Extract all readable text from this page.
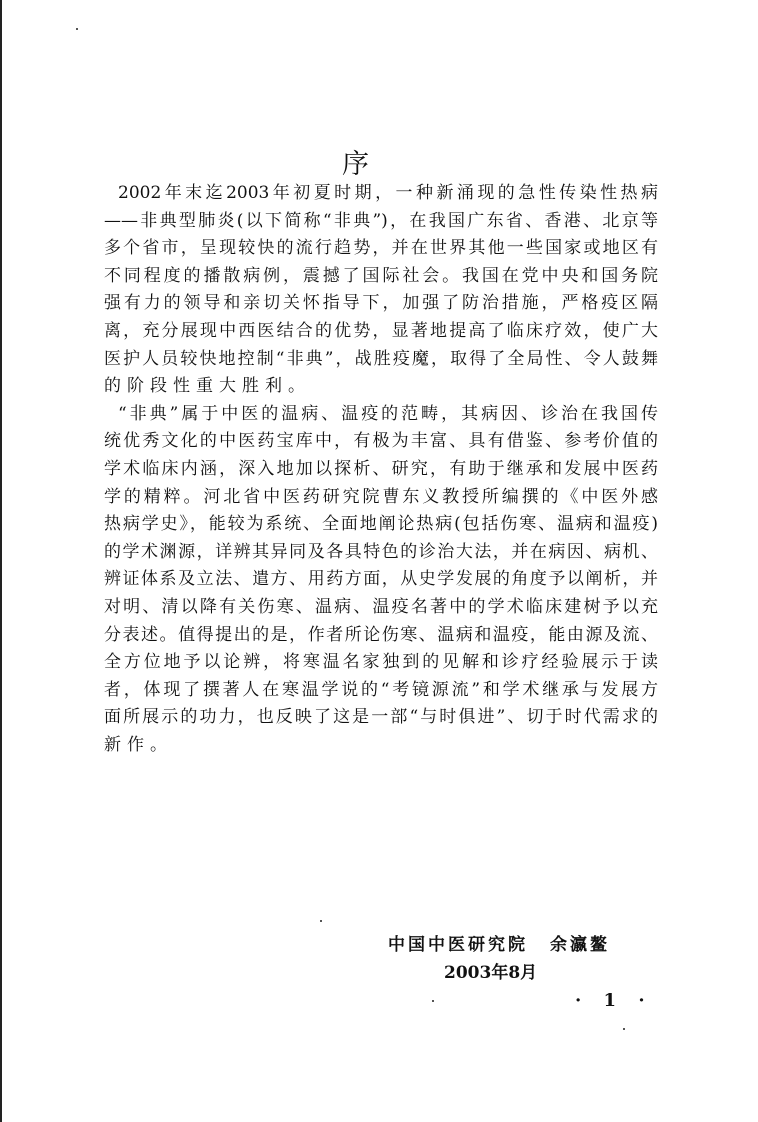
序
2002年末迄2003年初夏时期，一种新涌现的急性传染性热病
——非典型肺炎(以下简称“非典”)，在我国广东省、香港、北京等
多个省市，呈现较快的流行趋势，并在世界其他一些国家或地区有
不同程度的播散病例，震撼了国际社会。我国在党中央和国务院
强有力的领导和亲切关怀指导下，加强了防治措施，严格疫区隔
离，充分展现中西医结合的优势，显著地提高了临床疗效，使广大
医护人员较快地控制“非典”，战胜疫魔，取得了全局性、令人鼓舞
的阶段性重大胜利。
“非典”属于中医的温病、温疫的范畴，其病因、诊治在我国传
统优秀文化的中医药宝库中，有极为丰富、具有借鉴、参考价值的
学术临床内涵，深入地加以探析、研究，有助于继承和发展中医药
学的精粹。河北省中医药研究院曹东义教授所编撰的《中医外感
热病学史》，能较为系统、全面地阐论热病(包括伤寒、温病和温疫)
的学术渊源，详辨其异同及各具特色的诊治大法，并在病因、病机、
辨证体系及立法、遣方、用药方面，从史学发展的角度予以阐析，并
对明、清以降有关伤寒、温病、温疫名著中的学术临床建树予以充
分表述。值得提出的是，作者所论伤寒、温病和温疫，能由源及流、
全方位地予以论辨，将寒温名家独到的见解和诊疗经验展示于读
者，体现了撰著人在寒温学说的“考镜源流”和学术继承与发展方
面所展示的功力，也反映了这是一部“与时俱进”、切于时代需求的
新作。
中国中医研究院 余瀛鳌
2003年8月
· 1 ·
